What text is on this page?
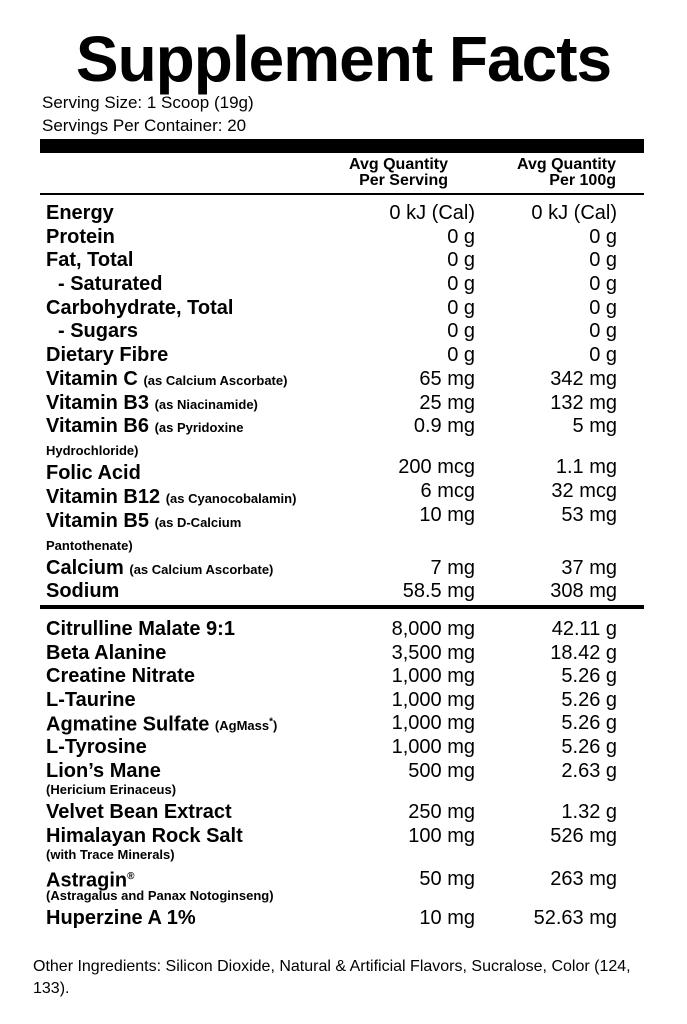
Supplement Facts
Serving Size: 1 Scoop (19g)
Servings Per Container: 20
Avg Quantity
Per Serving
Avg Quantity
Per 100g
Energy	0 kJ (Cal)	0 kJ (Cal)
Protein	0 g	0 g
Fat, Total	0 g	0 g
- Saturated	0 g	0 g
Carbohydrate, Total	0 g	0 g
- Sugars	0 g	0 g
Dietary Fibre	0 g	0 g
Vitamin C (as Calcium Ascorbate)	65 mg	342 mg
Vitamin B3 (as Niacinamide)	25 mg	132 mg
Vitamin B6 (as Pyridoxine	0.9 mg	5 mg
Hydrochloride)
Folic Acid	200 mcg	1.1 mg
Vitamin B12 (as Cyanocobalamin)	6 mcg	32 mcg
Vitamin B5 (as D-Calcium	10 mg	53 mg
Pantothenate)
Calcium (as Calcium Ascorbate)	7 mg	37 mg
Sodium	58.5 mg	308 mg
Citrulline Malate 9:1	8,000 mg	42.11 g
Beta Alanine	3,500 mg	18.42 g
Creatine Nitrate	1,000 mg	5.26 g
L-Taurine	1,000 mg	5.26 g
Agmatine Sulfate (AgMass*)	1,000 mg	5.26 g
L-Tyrosine	1,000 mg	5.26 g
Lion’s Mane	500 mg	2.63 g
(Hericium Erinaceus)
Velvet Bean Extract	250 mg	1.32 g
Himalayan Rock Salt	100 mg	526 mg
(with Trace Minerals)
Astragin®	50 mg	263 mg
(Astragalus and Panax Notoginseng)
Huperzine A 1%	10 mg	52.63 mg
Other Ingredients: Silicon Dioxide, Natural & Artificial Flavors, Sucralose, Color (124, 133).
